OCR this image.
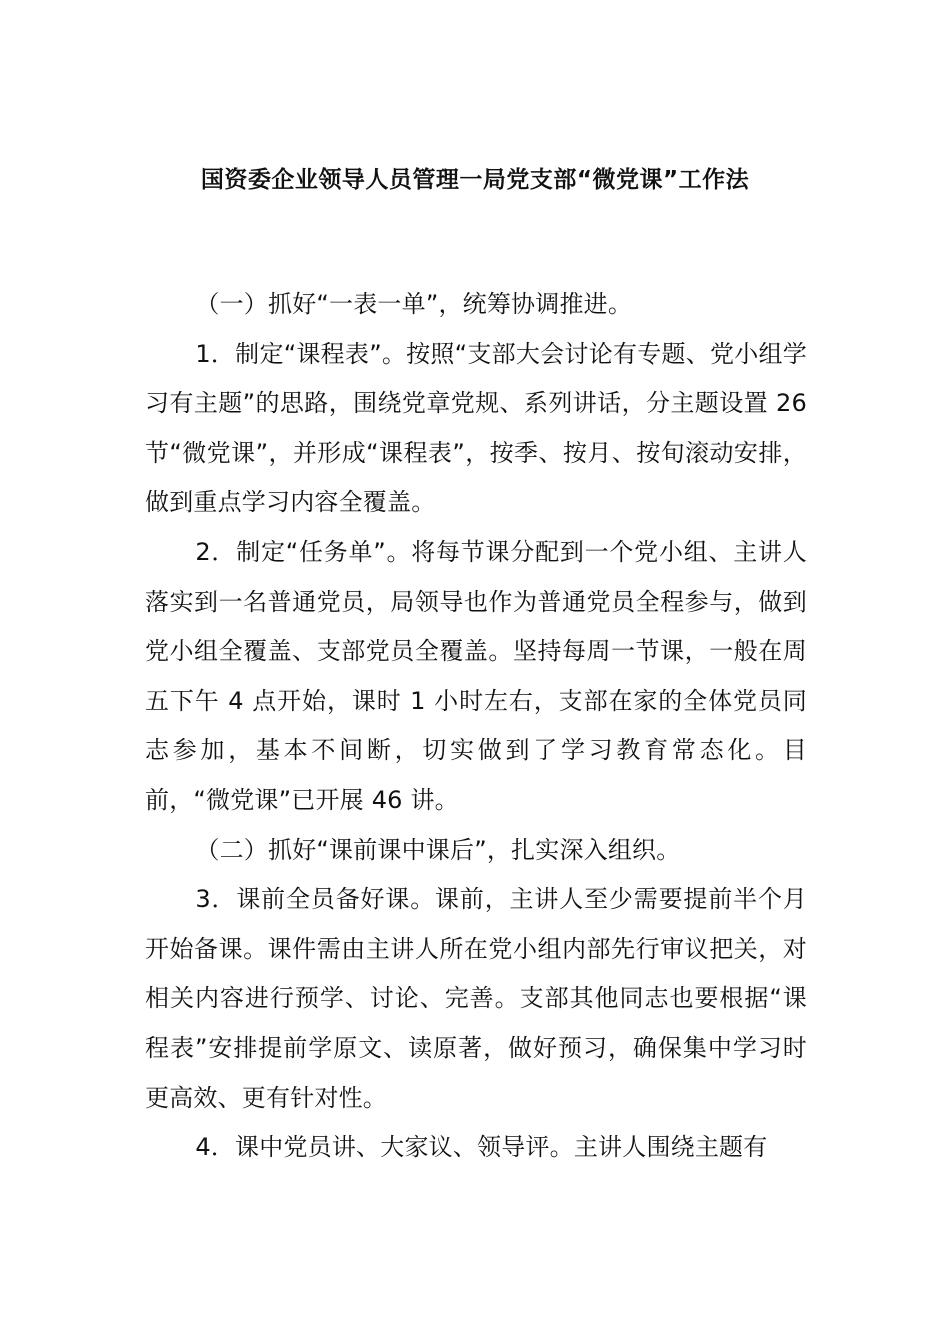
国资委企业领导人员管理一局党支部“微党课”工作法

（一）抓好“一表一单”，统筹协调推进。

1．制定“课程表”。按照“支部大会讨论有专题、党小组学习有主题”的思路，围绕党章党规、系列讲话，分主题设置 26 节“微党课”，并形成“课程表”，按季、按月、按旬滚动安排，做到重点学习内容全覆盖。

2．制定“任务单”。将每节课分配到一个党小组、主讲人落实到一名普通党员，局领导也作为普通党员全程参与，做到党小组全覆盖、支部党员全覆盖。坚持每周一节课，一般在周五下午 4 点开始，课时 1 小时左右，支部在家的全体党员同志参加，基本不间断，切实做到了学习教育常态化。目前，“微党课”已开展 46 讲。

（二）抓好“课前课中课后”，扎实深入组织。

3．课前全员备好课。课前，主讲人至少需要提前半个月开始备课。课件需由主讲人所在党小组内部先行审议把关，对相关内容进行预学、讨论、完善。支部其他同志也要根据“课程表”安排提前学原文、读原著，做好预习，确保集中学习时更高效、更有针对性。

4．课中党员讲、大家议、领导评。主讲人围绕主题有
